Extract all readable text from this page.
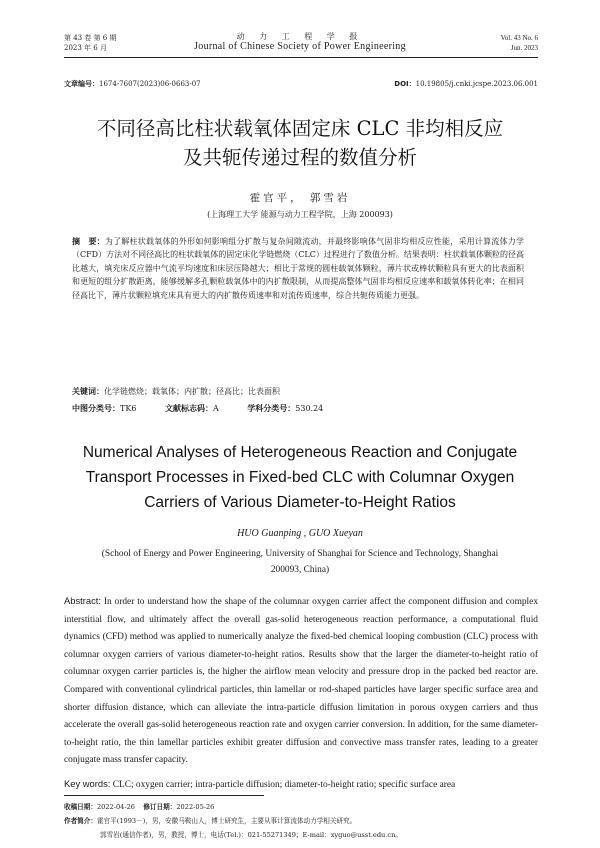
第 43 卷 第 6 期
2023 年 6 月
动 力 工 程 学 报
Journal of Chinese Society of Power Engineering
Vol. 43 No. 6
Jun. 2023
文章编号：1674-7607(2023)06-0663-07	DOI：10.19805/j.cnki.jcspe.2023.06.001
不同径高比柱状载氧体固定床 CLC 非均相反应
及共轭传递过程的数值分析
霍官平， 郭雪岩
(上海理工大学 能源与动力工程学院，上海 200093)
摘　要：为了解柱状载氧体的外形如何影响组分扩散与复杂间隙流动，并最终影响体气固非均相反应性能，采用计算流体力学（CFD）方法对不同径高比的柱状载氧体的固定床化学链燃烧（CLC）过程进行了数值分析。结果表明：柱状载氧体颗粒的径高比越大，填充床反应器中气流平均速度和床层压降越大；相比于常规的圆柱载氧体颗粒，薄片状或棒状颗粒具有更大的比表面积和更短的组分扩散距离，能够缓解多孔颗粒载氧体中的内扩散限制，从而提高整体气固非均相反应速率和载氧体转化率；在相同径高比下，薄片状颗粒填充床具有更大的内扩散传质速率和对流传质速率，综合共轭传质能力更强。
关键词：化学链燃烧；载氧体；内扩散；径高比；比表面积
中图分类号：TK6	文献标志码：A	学科分类号：530.24
Numerical Analyses of Heterogeneous Reaction and Conjugate
Transport Processes in Fixed-bed CLC with Columnar Oxygen
Carriers of Various Diameter-to-Height Ratios
HUO Guanping , GUO Xueyan
(School of Energy and Power Engineering, University of Shanghai for Science and Technology, Shanghai 200093, China)
Abstract: In order to understand how the shape of the columnar oxygen carrier affect the component diffusion and complex interstitial flow, and ultimately affect the overall gas-solid heterogeneous reaction performance, a computational fluid dynamics (CFD) method was applied to numerically analyze the fixed-bed chemical looping combustion (CLC) process with columnar oxygen carriers of various diameter-to-height ratios. Results show that the larger the diameter-to-height ratio of columnar oxygen carrier particles is, the higher the airflow mean velocity and pressure drop in the packed bed reactor are. Compared with conventional cylindrical particles, thin lamellar or rod-shaped particles have larger specific surface area and shorter diffusion distance, which can alleviate the intra-particle diffusion limitation in porous oxygen carriers and thus accelerate the overall gas-solid heterogeneous reaction rate and oxygen carrier conversion. In addition, for the same diameter-to-height ratio, the thin lamellar particles exhibit greater diffusion and convective mass transfer rates, leading to a greater conjugate mass transfer capacity.
Key words: CLC; oxygen carrier; intra-particle diffusion; diameter-to-height ratio; specific surface area
收稿日期：2022-04-26 修订日期：2022-05-26
作者简介：霍官平(1993－)，男，安徽马鞍山人，博士研究生，主要从事计算流体动力学相关研究。
郭雪岩(通信作者)，男，教授，博士，电话(Tel.)：021-55271349；E-mail：xyguo@usst.edu.cn。
